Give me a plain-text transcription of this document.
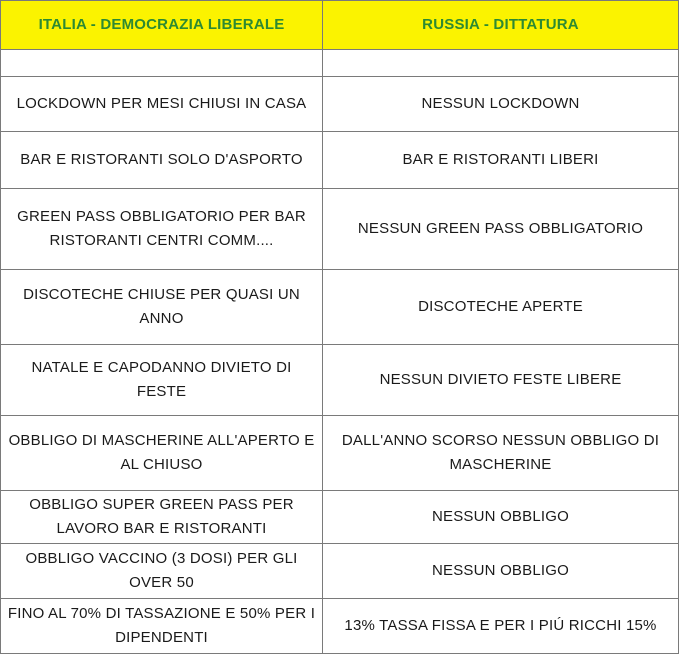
ITALIA - DEMOCRAZIA LIBERALE	RUSSIA - DITTATURA

LOCKDOWN PER MESI CHIUSI IN CASA	NESSUN LOCKDOWN
BAR E RISTORANTI SOLO D'ASPORTO	BAR E RISTORANTI LIBERI
GREEN PASS OBBLIGATORIO PER BAR RISTORANTI CENTRI COMM....	NESSUN GREEN PASS OBBLIGATORIO
DISCOTECHE CHIUSE PER QUASI UN ANNO	DISCOTECHE APERTE
NATALE E CAPODANNO DIVIETO DI FESTE	NESSUN DIVIETO FESTE LIBERE
OBBLIGO DI MASCHERINE ALL'APERTO E AL CHIUSO	DALL'ANNO SCORSO NESSUN OBBLIGO DI MASCHERINE
OBBLIGO SUPER GREEN PASS PER LAVORO BAR E RISTORANTI	NESSUN OBBLIGO
OBBLIGO VACCINO (3 DOSI) PER GLI OVER 50	NESSUN OBBLIGO
FINO AL 70% DI TASSAZIONE E 50% PER I DIPENDENTI	13% TASSA FISSA E PER I PIÚ RICCHI 15%
